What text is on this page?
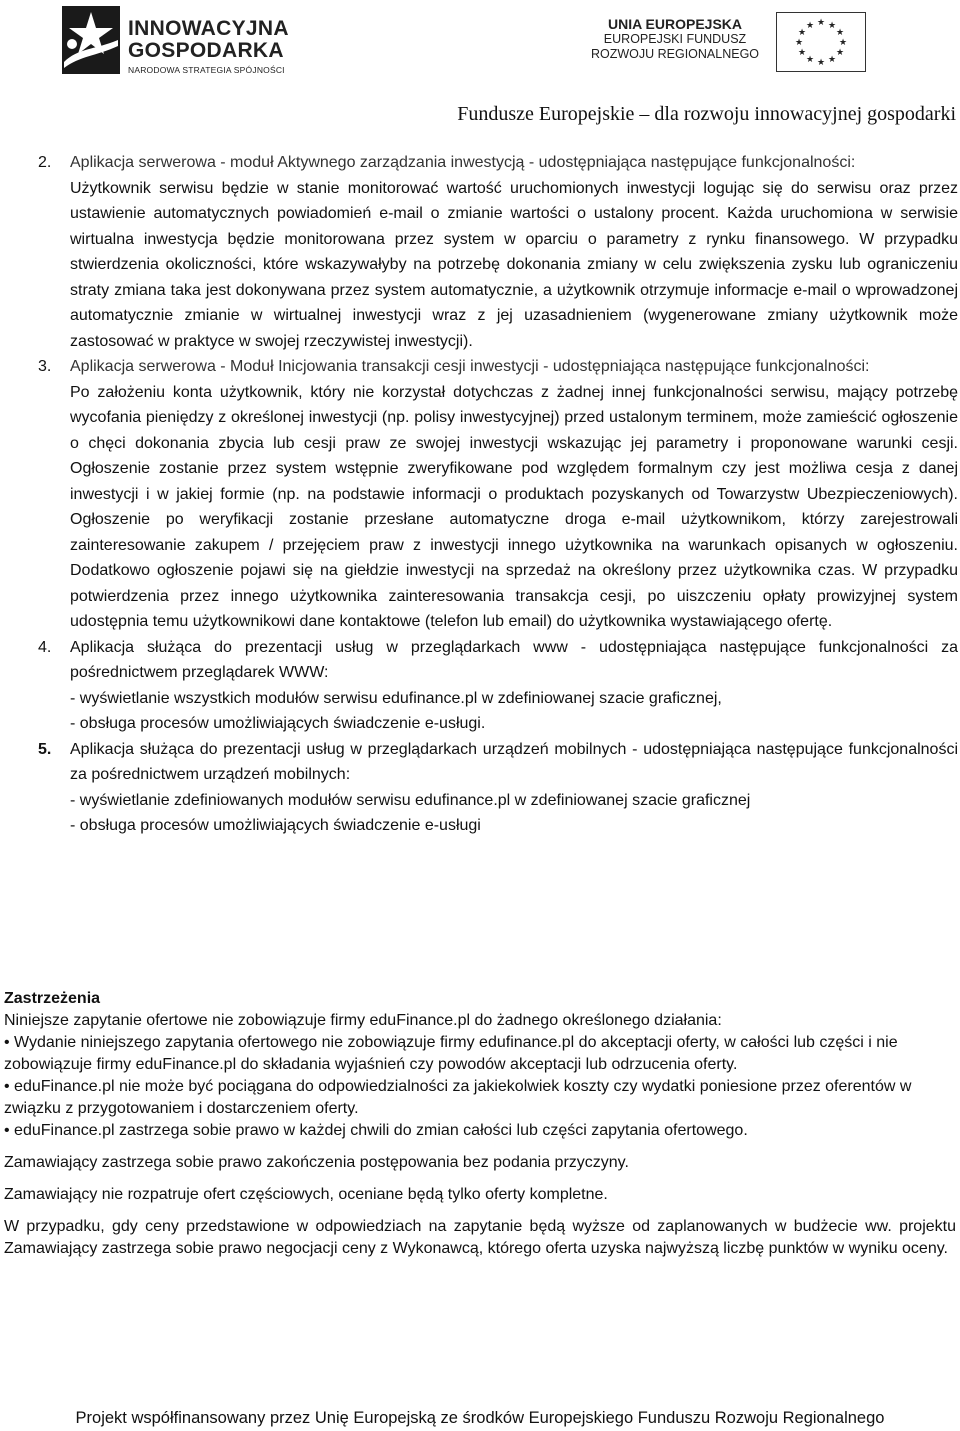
INNOWACYJNA
GOSPODARKA
NARODOWA STRATEGIA SPÓJNOŚCI
UNIA EUROPEJSKA
EUROPEJSKI FUNDUSZ
ROZWOJU REGIONALNEGO
★ ★
★
★
★
★
★
★
★
★
★
★
Fundusze Europejskie – dla rozwoju innowacyjnej gospodarki
2. Aplikacja serwerowa - moduł Aktywnego zarządzania inwestycją - udostępniająca następujące funkcjonalności:

Użytkownik serwisu będzie w stanie monitorować wartość uruchomionych inwestycji logując się do serwisu oraz przez ustawienie automatycznych powiadomień e-mail o zmianie wartości o ustalony procent. Każda uruchomiona w serwisie wirtualna inwestycja będzie monitorowana przez system w oparciu o parametry z rynku finansowego. W przypadku stwierdzenia okoliczności, które wskazywałyby na potrzebę dokonania zmiany w celu zwiększenia zysku lub ograniczeniu straty zmiana taka jest dokonywana przez system automatycznie, a użytkownik otrzymuje informacje e-mail o wprowadzonej automatycznie zmianie w wirtualnej inwestycji wraz z jej uzasadnieniem (wygenerowane zmiany użytkownik może zastosować w praktyce w swojej rzeczywistej inwestycji).

3. Aplikacja serwerowa - Moduł Inicjowania transakcji cesji inwestycji - udostępniająca następujące funkcjonalności:

Po założeniu konta użytkownik, który nie korzystał dotychczas z żadnej innej funkcjonalności serwisu, mający potrzebę wycofania pieniędzy z określonej inwestycji (np. polisy inwestycyjnej) przed ustalonym terminem, może zamieścić ogłoszenie o chęci dokonania zbycia lub cesji praw ze swojej inwestycji wskazując jej parametry i proponowane warunki cesji. Ogłoszenie zostanie przez system wstępnie zweryfikowane pod względem formalnym czy jest możliwa cesja z danej inwestycji i w jakiej formie (np. na podstawie informacji o produktach pozyskanych od Towarzystw Ubezpieczeniowych). Ogłoszenie po weryfikacji zostanie przesłane automatyczne droga e-mail użytkownikom, którzy zarejestrowali zainteresowanie zakupem / przejęciem praw z inwestycji innego użytkownika na warunkach opisanych w ogłoszeniu. Dodatkowo ogłoszenie pojawi się na giełdzie inwestycji na sprzedaż na określony przez użytkownika czas. W przypadku potwierdzenia przez innego użytkownika zainteresowania transakcja cesji, po uiszczeniu opłaty prowizyjnej system udostępnia temu użytkownikowi dane kontaktowe (telefon lub email) do użytkownika wystawiającego ofertę.

4. Aplikacja służąca do prezentacji usług w przeglądarkach www - udostępniająca następujące funkcjonalności za pośrednictwem przeglądarek WWW:

- wyświetlanie wszystkich modułów serwisu edufinance.pl w zdefiniowanej szacie graficznej,

- obsługa procesów umożliwiających świadczenie e-usługi.

5. Aplikacja służąca do prezentacji usług w przeglądarkach urządzeń mobilnych - udostępniająca następujące funkcjonalności za pośrednictwem urządzeń mobilnych:

- wyświetlanie zdefiniowanych modułów serwisu edufinance.pl w zdefiniowanej szacie graficznej

- obsługa procesów umożliwiających świadczenie e-usługi

Zastrzeżenia

Niniejsze zapytanie ofertowe nie zobowiązuje firmy eduFinance.pl do żadnego określonego działania:

• Wydanie niniejszego zapytania ofertowego nie zobowiązuje firmy edufinance.pl do akceptacji oferty, w całości lub części i nie zobowiązuje firmy eduFinance.pl do składania wyjaśnień czy powodów akceptacji lub odrzucenia oferty.

• eduFinance.pl nie może być pociągana do odpowiedzialności za jakiekolwiek koszty czy wydatki poniesione przez oferentów w związku z przygotowaniem i dostarczeniem oferty.

• eduFinance.pl zastrzega sobie prawo w każdej chwili do zmian całości lub części zapytania ofertowego.

Zamawiający zastrzega sobie prawo zakończenia postępowania bez podania przyczyny.

Zamawiający nie rozpatruje ofert częściowych, oceniane będą tylko oferty kompletne.

W przypadku, gdy ceny przedstawione w odpowiedziach na zapytanie będą wyższe od zaplanowanych w budżecie ww. projektu Zamawiający zastrzega sobie prawo negocjacji ceny z Wykonawcą, którego oferta uzyska najwyższą liczbę punktów w wyniku oceny.

Projekt współfinansowany przez Unię Europejską ze środków Europejskiego Funduszu Rozwoju Regionalnego
